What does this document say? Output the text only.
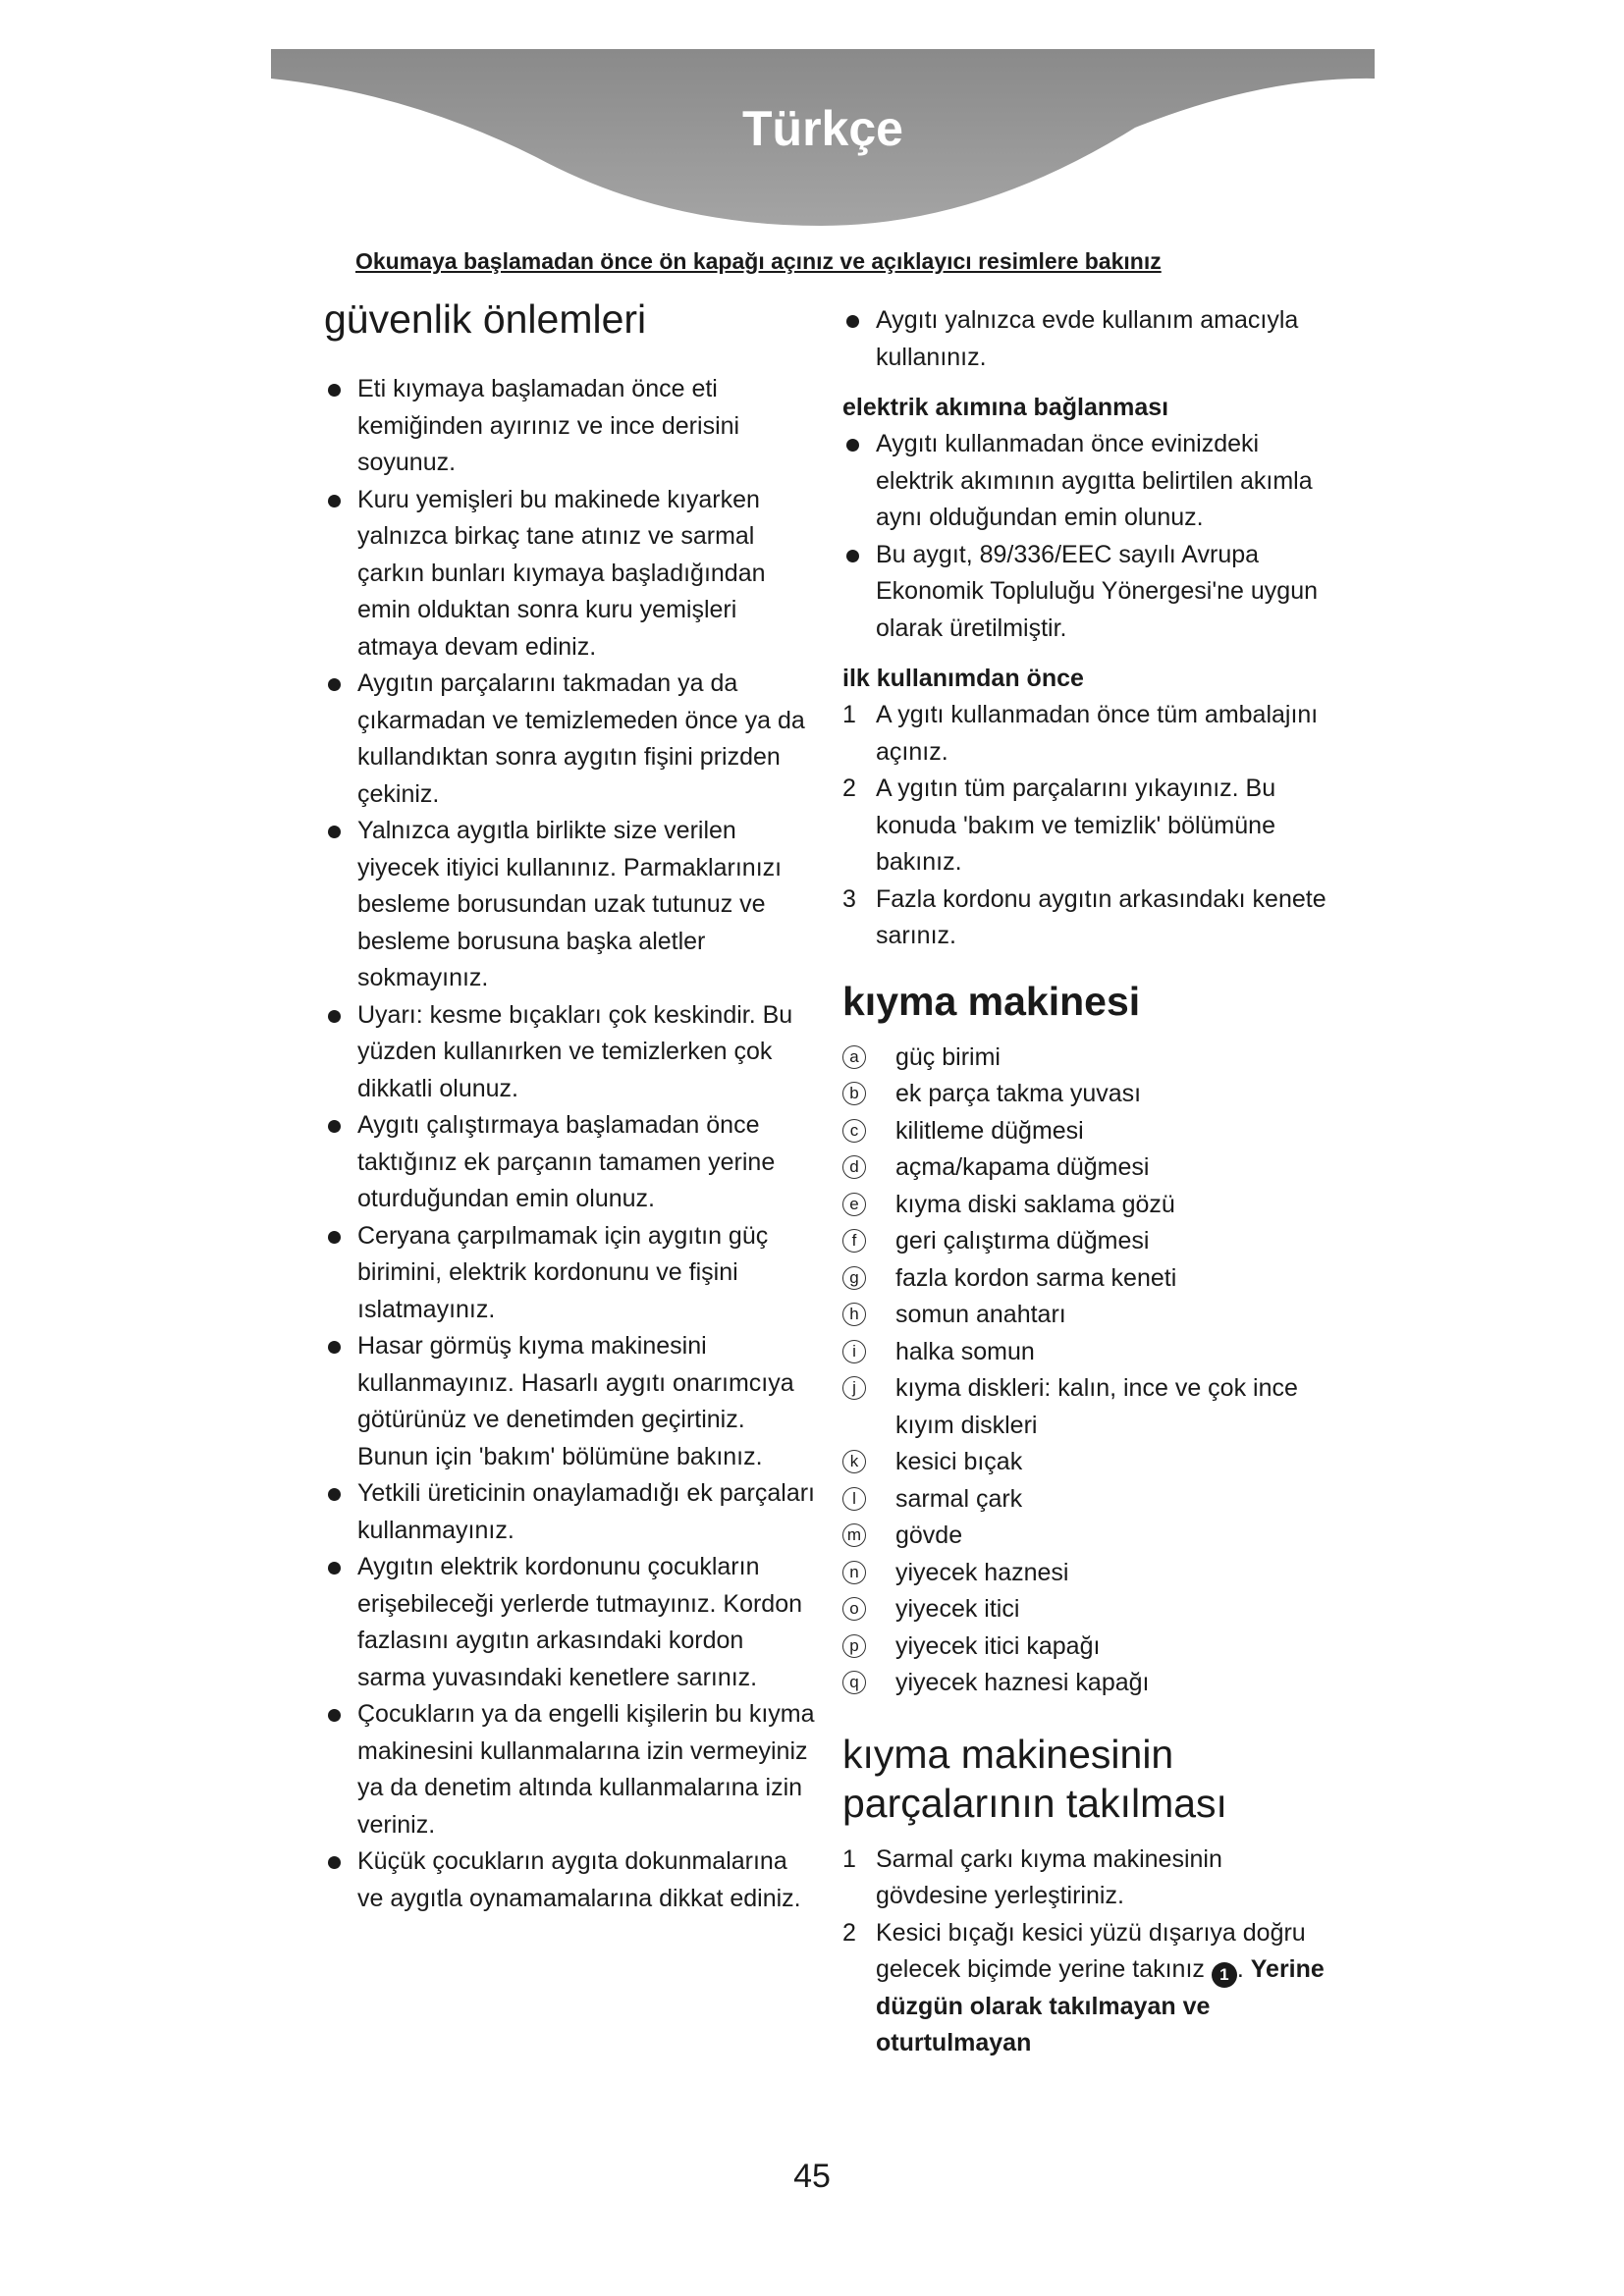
Türkçe
Okumaya başlamadan önce ön kapağı açınız ve açıklayıcı resimlere bakınız
güvenlik önlemleri
Eti kıymaya başlamadan önce eti kemiğinden ayırınız ve ince derisini soyunuz.
Kuru yemişleri bu makinede kıyarken yalnızca birkaç tane atınız ve sarmal çarkın bunları kıymaya başladığından emin olduktan sonra kuru yemişleri atmaya devam ediniz.
Aygıtın parçalarını takmadan ya da çıkarmadan ve temizlemeden önce ya da kullandıktan sonra aygıtın fişini prizden çekiniz.
Yalnızca aygıtla birlikte size verilen yiyecek itiyici kullanınız. Parmaklarınızı besleme borusundan uzak tutunuz ve besleme borusuna başka aletler sokmayınız.
Uyarı: kesme bıçakları çok keskindir. Bu yüzden kullanırken ve temizlerken çok dikkatli olunuz.
Aygıtı çalıştırmaya başlamadan önce taktığınız ek parçanın tamamen yerine oturduğundan emin olunuz.
Ceryana çarpılmamak için aygıtın güç birimini, elektrik kordonunu ve fişini ıslatmayınız.
Hasar görmüş kıyma makinesini kullanmayınız. Hasarlı aygıtı onarımcıya götürünüz ve denetimden geçirtiniz. Bunun için 'bakım' bölümüne bakınız.
Yetkili üreticinin onaylamadığı ek parçaları kullanmayınız.
Aygıtın elektrik kordonunu çocukların erişebileceği yerlerde tutmayınız. Kordon fazlasını aygıtın arkasındaki kordon sarma yuvasındaki kenetlere sarınız.
Çocukların ya da engelli kişilerin bu kıyma makinesini kullanmalarına izin vermeyiniz ya da denetim altında kullanmalarına izin veriniz.
Küçük çocukların aygıta dokunmalarına ve aygıtla oynamamalarına dikkat ediniz.
Aygıtı yalnızca evde kullanım amacıyla kullanınız.
elektrik akımına bağlanması
Aygıtı kullanmadan önce evinizdeki elektrik akımının aygıtta belirtilen akımla aynı olduğundan emin olunuz.
Bu aygıt, 89/336/EEC sayılı Avrupa Ekonomik Topluluğu Yönergesi'ne uygun olarak üretilmiştir.
ilk kullanımdan önce
1 A ygıtı kullanmadan önce tüm ambalajını açınız.
2 A ygıtın tüm parçalarını yıkayınız. Bu konuda 'bakım ve temizlik' bölümüne bakınız.
3 Fazla kordonu aygıtın arkasındakı kenete sarınız.
kıyma makinesi
a güç birimi
b ek parça takma yuvası
c	kilitleme düğmesi
d açma/kapama düğmesi
e kıyma diski saklama gözü
f	geri çalıştırma düğmesi
g fazla kordon sarma keneti
h somun anahtarı
i	halka somun
j	kıyma diskleri: kalın, ince ve çok ince kıyım diskleri
k	kesici bıçak
l	sarmal çark
m gövde
n yiyecek haznesi
o yiyecek itici
p yiyecek itici kapağı
q yiyecek haznesi kapağı
kıyma makinesinin parçalarının takılması
1 Sarmal çarkı kıyma makinesinin gövdesine yerleştiriniz.
2 Kesici bıçağı kesici yüzü dışarıya doğru gelecek biçimde yerine takınız 1 . Yerine düzgün olarak takılmayan ve oturtulmayan
45
